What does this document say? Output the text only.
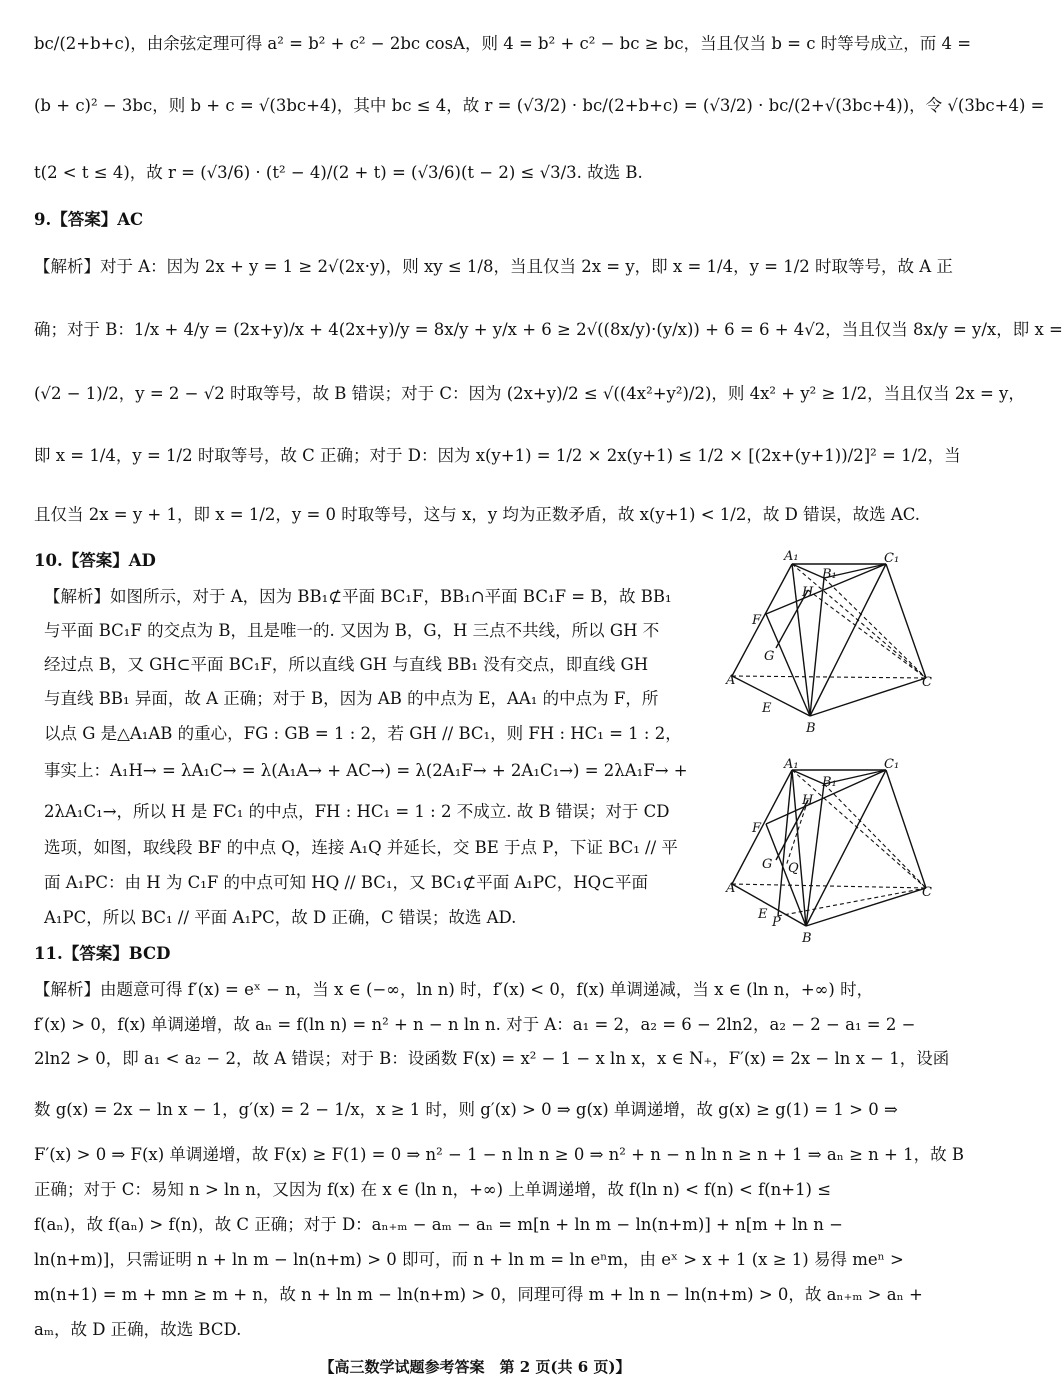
bc/(2+b+c)，由余弦定理可得 a² = b² + c² − 2bc cosA，则 4 = b² + c² − bc ≥ bc，当且仅当 b = c 时等号成立，而 4 =
(b + c)² − 3bc，则 b + c = √(3bc+4)，其中 bc ≤ 4，故 r = (√3/2) · bc/(2+b+c) = (√3/2) · bc/(2+√(3bc+4))，令 √(3bc+4) =
t(2 < t ≤ 4)，故 r = (√3/6) · (t² − 4)/(2 + t) = (√3/6)(t − 2) ≤ √3/3. 故选 B.
9.【答案】AC
【解析】对于 A：因为 2x + y = 1 ≥ 2√(2x·y)，则 xy ≤ 1/8，当且仅当 2x = y，即 x = 1/4，y = 1/2 时取等号，故 A 正
确；对于 B：1/x + 4/y = (2x+y)/x + 4(2x+y)/y = 8x/y + y/x + 6 ≥ 2√((8x/y)·(y/x)) + 6 = 6 + 4√2，当且仅当 8x/y = y/x，即 x =
(√2 − 1)/2，y = 2 − √2 时取等号，故 B 错误；对于 C：因为 (2x+y)/2 ≤ √((4x²+y²)/2)，则 4x² + y² ≥ 1/2，当且仅当 2x = y，
即 x = 1/4，y = 1/2 时取等号，故 C 正确；对于 D：因为 x(y+1) = 1/2 × 2x(y+1) ≤ 1/2 × [(2x+(y+1))/2]² = 1/2，当
且仅当 2x = y + 1，即 x = 1/2，y = 0 时取等号，这与 x，y 均为正数矛盾，故 x(y+1) < 1/2，故 D 错误，故选 AC.
10.【答案】AD
【解析】如图所示，对于 A，因为 BB₁⊄平面 BC₁F，BB₁∩平面 BC₁F = B，故 BB₁
与平面 BC₁F 的交点为 B，且是唯一的. 又因为 B，G，H 三点不共线，所以 GH 不
经过点 B，又 GH⊂平面 BC₁F，所以直线 GH 与直线 BB₁ 没有交点，即直线 GH
与直线 BB₁ 异面，故 A 正确；对于 B，因为 AB 的中点为 E，AA₁ 的中点为 F，所
以点 G 是△A₁AB 的重心，FG : GB = 1 : 2，若 GH // BC₁，则 FH : HC₁ = 1 : 2，
事实上：A₁H→ = λA₁C→ = λ(A₁A→ + AC→) = λ(2A₁F→ + 2A₁C₁→) = 2λA₁F→ +
2λA₁C₁→，所以 H 是 FC₁ 的中点，FH : HC₁ = 1 : 2 不成立. 故 B 错误；对于 CD
选项，如图，取线段 BF 的中点 Q，连接 A₁Q 并延长，交 BE 于点 P，下证 BC₁ // 平
面 A₁PC：由 H 为 C₁F 的中点可知 HQ // BC₁，又 BC₁⊄平面 A₁PC，HQ⊂平面
A₁PC，所以 BC₁ // 平面 A₁PC，故 D 正确，C 错误；故选 AD.
11.【答案】BCD
【解析】由题意可得 f′(x) = eˣ − n，当 x ∈ (−∞，ln n) 时，f′(x) < 0，f(x) 单调递减，当 x ∈ (ln n，+∞) 时，
f′(x) > 0，f(x) 单调递增，故 aₙ = f(ln n) = n² + n − n ln n. 对于 A：a₁ = 2，a₂ = 6 − 2ln2，a₂ − 2 − a₁ = 2 −
2ln2 > 0，即 a₁ < a₂ − 2，故 A 错误；对于 B：设函数 F(x) = x² − 1 − x ln x，x ∈ N₊，F′(x) = 2x − ln x − 1，设函
数 g(x) = 2x − ln x − 1，g′(x) = 2 − 1/x，x ≥ 1 时，则 g′(x) > 0 ⇒ g(x) 单调递增，故 g(x) ≥ g(1) = 1 > 0 ⇒
F′(x) > 0 ⇒ F(x) 单调递增，故 F(x) ≥ F(1) = 0 ⇒ n² − 1 − n ln n ≥ 0 ⇒ n² + n − n ln n ≥ n + 1 ⇒ aₙ ≥ n + 1，故 B
正确；对于 C：易知 n > ln n，又因为 f(x) 在 x ∈ (ln n，+∞) 上单调递增，故 f(ln n) < f(n) < f(n+1) ≤
f(aₙ)，故 f(aₙ) > f(n)，故 C 正确；对于 D：aₙ₊ₘ − aₘ − aₙ = m[n + ln m − ln(n+m)] + n[m + ln n −
ln(n+m)]，只需证明 n + ln m − ln(n+m) > 0 即可，而 n + ln m = ln eⁿm，由 eˣ > x + 1 (x ≥ 1) 易得 meⁿ >
m(n+1) = m + mn ≥ m + n，故 n + ln m − ln(n+m) > 0，同理可得 m + ln n − ln(n+m) > 0，故 aₙ₊ₘ > aₙ +
aₘ，故 D 正确，故选 BCD.
A₁	C₁
B₁
H
F
G
A	C
E
B
A₁	C₁
B₁
H
F
G Q
A	C
E
P
B
【高三数学试题参考答案　第 2 页(共 6 页)】
